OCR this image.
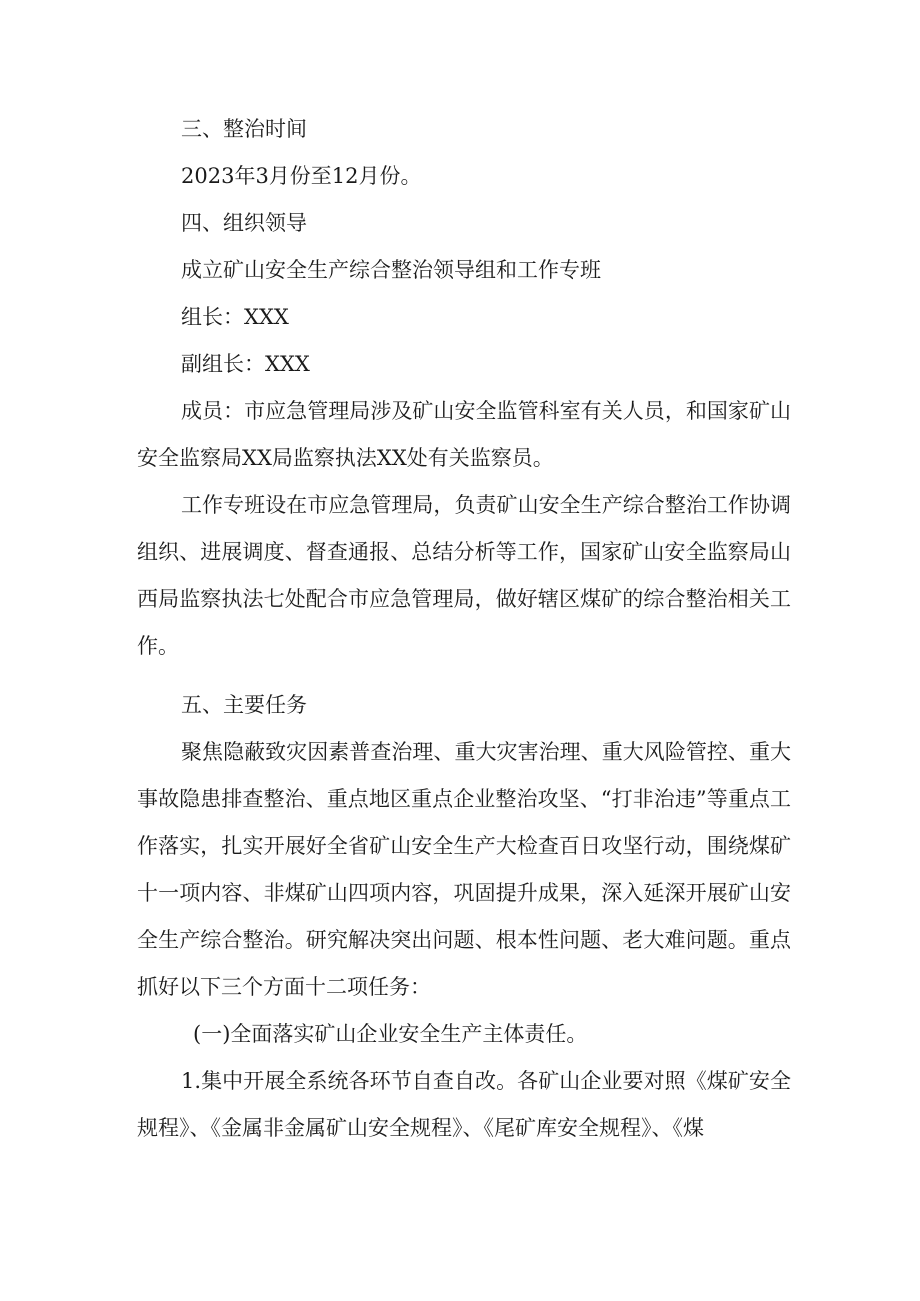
三、整治时间

2023年3月份至12月份。

四、组织领导

成立矿山安全生产综合整治领导组和工作专班

组长：XXX

副组长：XXX

成员：市应急管理局涉及矿山安全监管科室有关人员，和国家矿山安全监察局XX局监察执法XX处有关监察员。

工作专班设在市应急管理局，负责矿山安全生产综合整治工作协调组织、进展调度、督查通报、总结分析等工作，国家矿山安全监察局山西局监察执法七处配合市应急管理局，做好辖区煤矿的综合整治相关工作。

五、主要任务

聚焦隐蔽致灾因素普查治理、重大灾害治理、重大风险管控、重大事故隐患排查整治、重点地区重点企业整治攻坚、“打非治违”等重点工作落实，扎实开展好全省矿山安全生产大检查百日攻坚行动，围绕煤矿十一项内容、非煤矿山四项内容，巩固提升成果，深入延深开展矿山安全生产综合整治。研究解决突出问题、根本性问题、老大难问题。重点抓好以下三个方面十二项任务：

(一)全面落实矿山企业安全生产主体责任。

1.集中开展全系统各环节自查自改。各矿山企业要对照《煤矿安全规程》、《金属非金属矿山安全规程》、《尾矿库安全规程》、《煤
